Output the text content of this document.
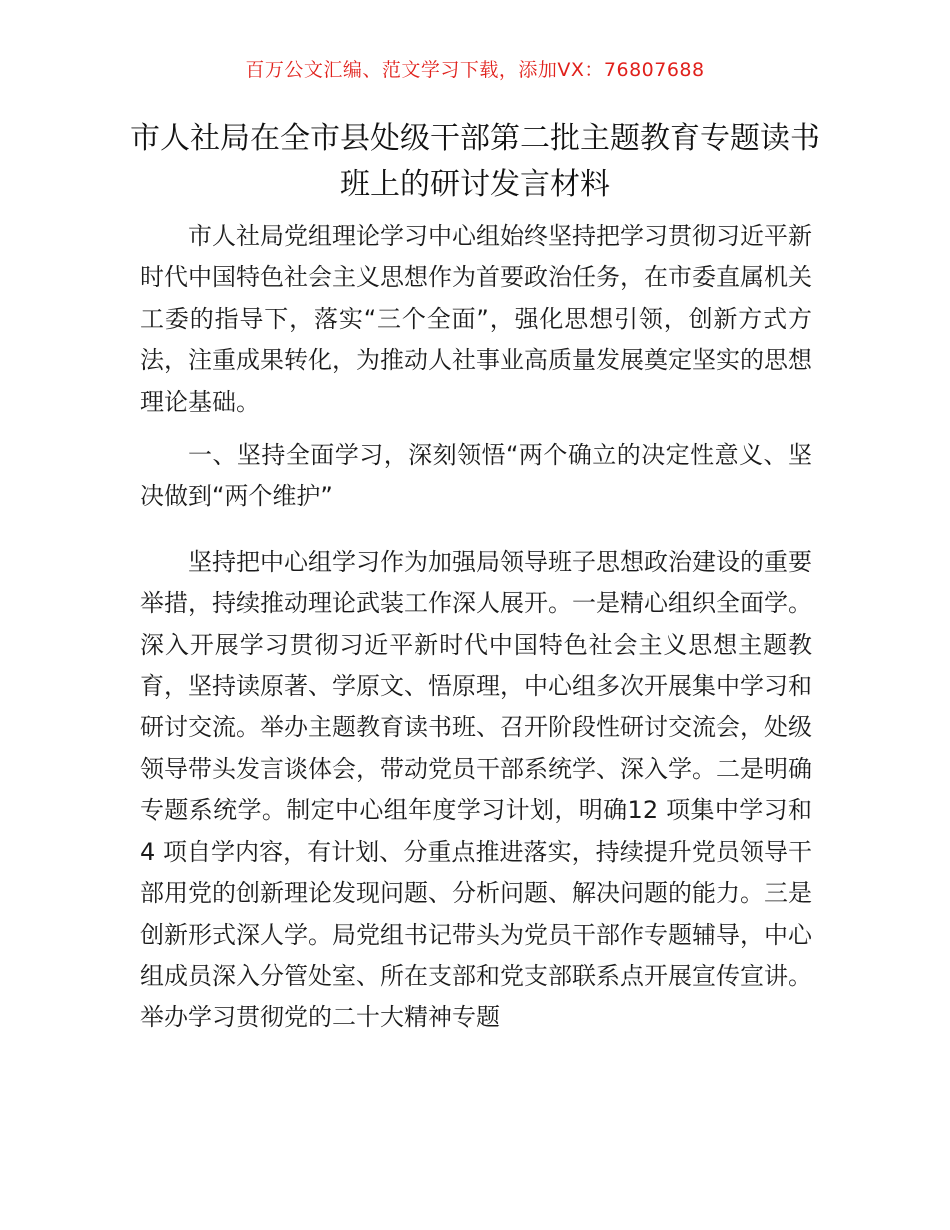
百万公文汇编、范文学习下载，添加VX：76807688
市人社局在全市县处级干部第二批主题教育专题读书班上的研讨发言材料

市人社局党组理论学习中心组始终坚持把学习贯彻习近平新时代中国特色社会主义思想作为首要政治任务，在市委直属机关工委的指导下，落实“三个全面”，强化思想引领，创新方式方法，注重成果转化，为推动人社事业高质量发展奠定坚实的思想理论基础。

一、坚持全面学习，深刻领悟“两个确立的决定性意义、坚决做到“两个维护”

坚持把中心组学习作为加强局领导班子思想政治建设的重要举措，持续推动理论武装工作深人展开。一是精心组织全面学。深入开展学习贯彻习近平新时代中国特色社会主义思想主题教育，坚持读原著、学原文、悟原理，中心组多次开展集中学习和研讨交流。举办主题教育读书班、召开阶段性研讨交流会，处级领导带头发言谈体会，带动党员干部系统学、深入学。二是明确专题系统学。制定中心组年度学习计划，明确12 项集中学习和 4 项自学内容，有计划、分重点推进落实，持续提升党员领导干部用党的创新理论发现问题、分析问题、解决问题的能力。三是创新形式深人学。局党组书记带头为党员干部作专题辅导，中心组成员深入分管处室、所在支部和党支部联系点开展宣传宣讲。举办学习贯彻党的二十大精神专题
